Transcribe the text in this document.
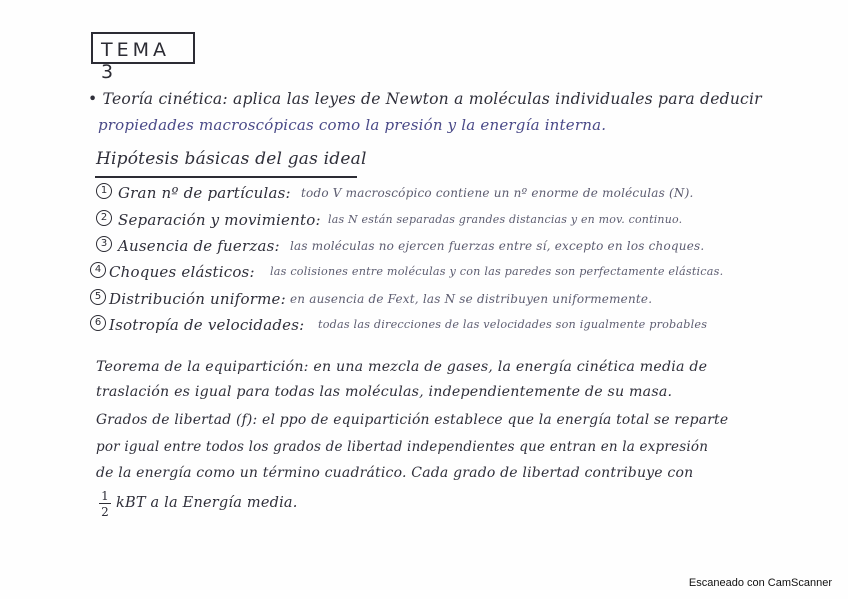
TEMA 3
• Teoría cinética: aplica las leyes de Newton a moléculas individuales para deducir
propiedades macroscópicas como la presión y la energía interna.
Hipótesis básicas del gas ideal
1 Gran nº de partículas: todo V macroscópico contiene un nº enorme de moléculas (N).
2 Separación y movimiento: las N están separadas grandes distancias y en mov. continuo.
3 Ausencia de fuerzas: las moléculas no ejercen fuerzas entre sí, excepto en los choques.
4 Choques elásticos: las colisiones entre moléculas y con las paredes son perfectamente elásticas.
5 Distribución uniforme: en ausencia de Fext, las N se distribuyen uniformemente.
6 Isotropía de velocidades: todas las direcciones de las velocidades son igualmente probables
Teorema de la equipartición: en una mezcla de gases, la energía cinética media de
traslación es igual para todas las moléculas, independientemente de su masa.
Grados de libertad (f): el ppo de equipartición establece que la energía total se reparte
por igual entre todos los grados de libertad independientes que entran en la expresión
de la energía como un término cuadrático. Cada grado de libertad contribuye con
1
2
kBT a la Energía media.
Escaneado con CamScanner
